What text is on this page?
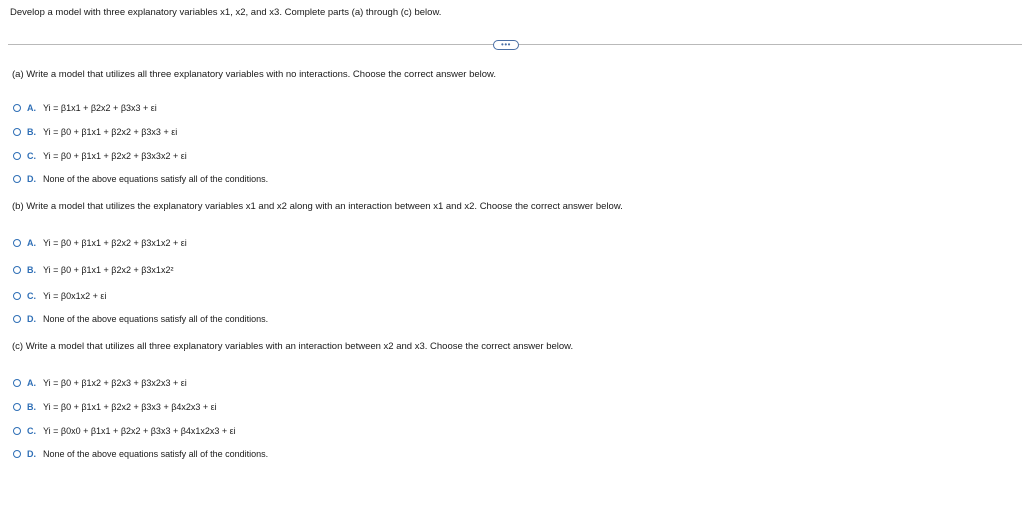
Develop a model with three explanatory variables x1, x2, and x3. Complete parts (a) through (c) below.
•••
(a) Write a model that utilizes all three explanatory variables with no interactions. Choose the correct answer below.
A. Yi = β1x1 + β2x2 + β3x3 + εi
B. Yi = β0 + β1x1 + β2x2 + β3x3 + εi
C. Yi = β0 + β1x1 + β2x2 + β3x3x2 + εi
D. None of the above equations satisfy all of the conditions.
(b) Write a model that utilizes the explanatory variables x1 and x2 along with an interaction between x1 and x2. Choose the correct answer below.
A. Yi = β0 + β1x1 + β2x2 + β3x1x2 + εi
B. Yi = β0 + β1x1 + β2x2 + β3x1x2²
C. Yi = β0x1x2 + εi
D. None of the above equations satisfy all of the conditions.
(c) Write a model that utilizes all three explanatory variables with an interaction between x2 and x3. Choose the correct answer below.
A. Yi = β0 + β1x2 + β2x3 + β3x2x3 + εi
B. Yi = β0 + β1x1 + β2x2 + β3x3 + β4x2x3 + εi
C. Yi = β0x0 + β1x1 + β2x2 + β3x3 + β4x1x2x3 + εi
D. None of the above equations satisfy all of the conditions.
